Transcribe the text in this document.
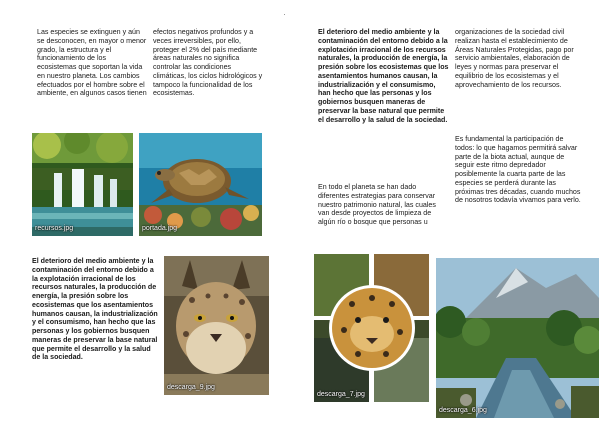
Las especies se extinguen y aún se desconocen, en mayor o menor grado, la estructura y el funcionamiento de los ecosistemas que soportan la vida en nuestro planeta. Los cambios efectuados por el hombre sobre el ambiente, en algunos casos tienen
efectos negativos profundos y a veces irreversibles, por ello, proteger el 2% del país mediante áreas naturales no significa controlar las condiciones climáticas, los ciclos hidrológicos y tampoco la funcionalidad de los ecosistemas.
recursos.jpg	portada.jpg
El deterioro del medio ambiente y la contaminación del entorno debido a la explotación irracional de los recursos naturales, la producción de energía, la presión sobre los ecosistemas que los asentamientos humanos causan, la industrialización y el consumismo, han hecho que las personas y los gobiernos busquen maneras de preservar la base natural que permite el desarrollo y la salud de la sociedad.
descarga_9.jpg
El deterioro del medio ambiente y la contaminación del entorno debido a la explotación irracional de los recursos naturales, la producción de energía, la presión sobre los ecosistemas que los asentamientos humanos causan, la industrialización y el consumismo, han hecho que las personas y los gobiernos busquen maneras de preservar la base natural que permite el desarrollo y la salud de la sociedad.
En todo el planeta se han dado diferentes estrategias para conservar nuestro patrimonio natural, las cuales van desde proyectos de limpieza de algún río o bosque que personas u
organizaciones de la sociedad civil realizan hasta el establecimiento de Áreas Naturales Protegidas, pago por servicio ambientales, elaboración de leyes y normas para preservar el equilibrio de los ecosistemas y el aprovechamiento de los recursos.
Es fundamental la participación de todos: lo que hagamos permitirá salvar parte de la biota actual, aunque de seguir este ritmo depredador posiblemente la cuarta parte de las especies se perderá durante las próximas tres décadas, cuando muchos de nosotros todavía vivamos para verlo.
descarga_7.jpg
descarga_6.jpg
